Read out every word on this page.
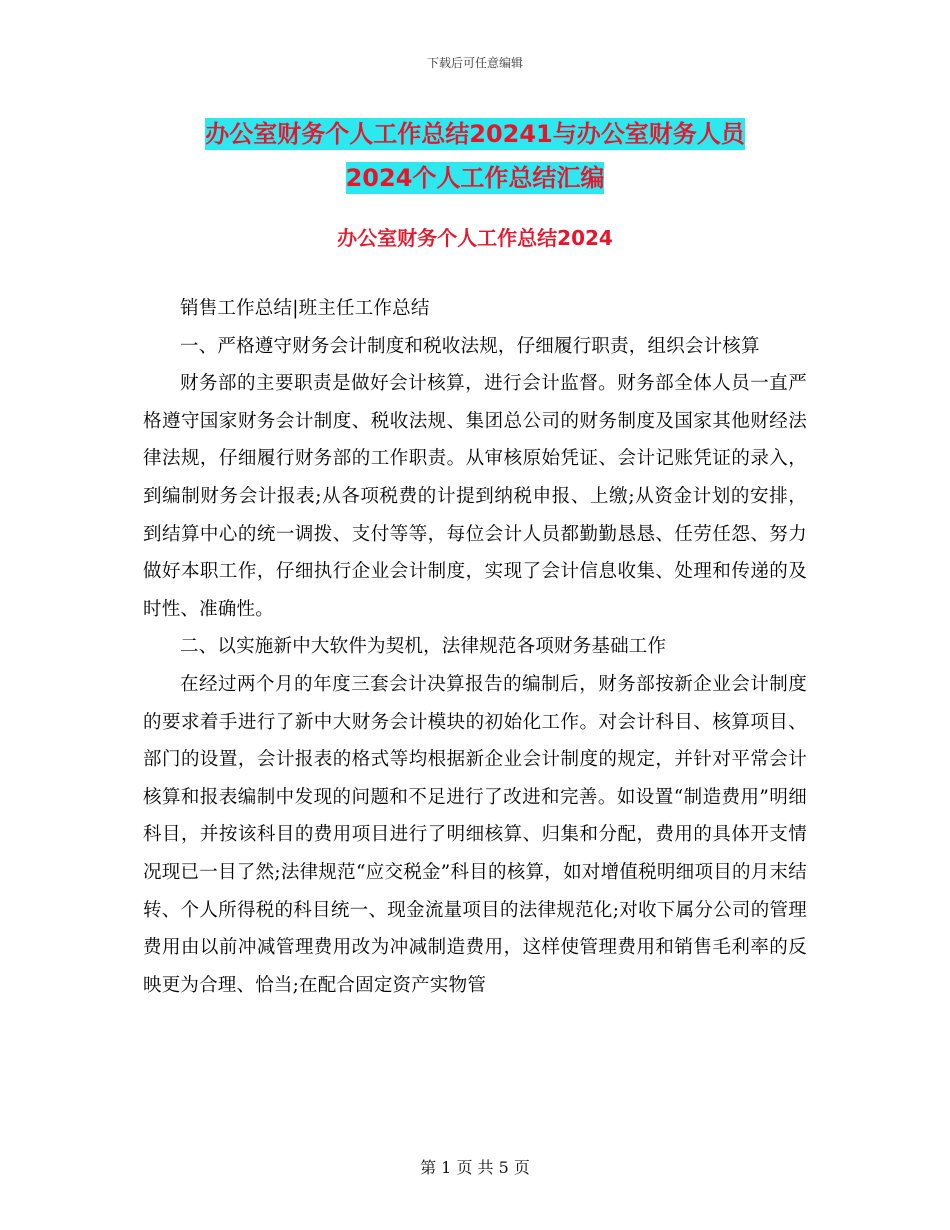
下载后可任意编辑
办公室财务个人工作总结20241与办公室财务人员
2024个人工作总结汇编
办公室财务个人工作总结2024

销售工作总结|班主任工作总结

一、严格遵守财务会计制度和税收法规，仔细履行职责，组织会计核算

财务部的主要职责是做好会计核算，进行会计监督。财务部全体人员一直严格遵守国家财务会计制度、税收法规、集团总公司的财务制度及国家其他财经法律法规，仔细履行财务部的工作职责。从审核原始凭证、会计记账凭证的录入，到编制财务会计报表;从各项税费的计提到纳税申报、上缴;从资金计划的安排，到结算中心的统一调拨、支付等等，每位会计人员都勤勤恳恳、任劳任怨、努力做好本职工作，仔细执行企业会计制度，实现了会计信息收集、处理和传递的及时性、准确性。

二、以实施新中大软件为契机，法律规范各项财务基础工作

在经过两个月的年度三套会计决算报告的编制后，财务部按新企业会计制度的要求着手进行了新中大财务会计模块的初始化工作。对会计科目、核算项目、部门的设置，会计报表的格式等均根据新企业会计制度的规定，并针对平常会计核算和报表编制中发现的问题和不足进行了改进和完善。如设置“制造费用”明细科目，并按该科目的费用项目进行了明细核算、归集和分配，费用的具体开支情况现已一目了然;法律规范“应交税金”科目的核算，如对增值税明细项目的月末结转、个人所得税的科目统一、现金流量项目的法律规范化;对收下属分公司的管理费用由以前冲减管理费用改为冲减制造费用，这样使管理费用和销售毛利率的反映更为合理、恰当;在配合固定资产实物管

第 1 页 共 5 页
